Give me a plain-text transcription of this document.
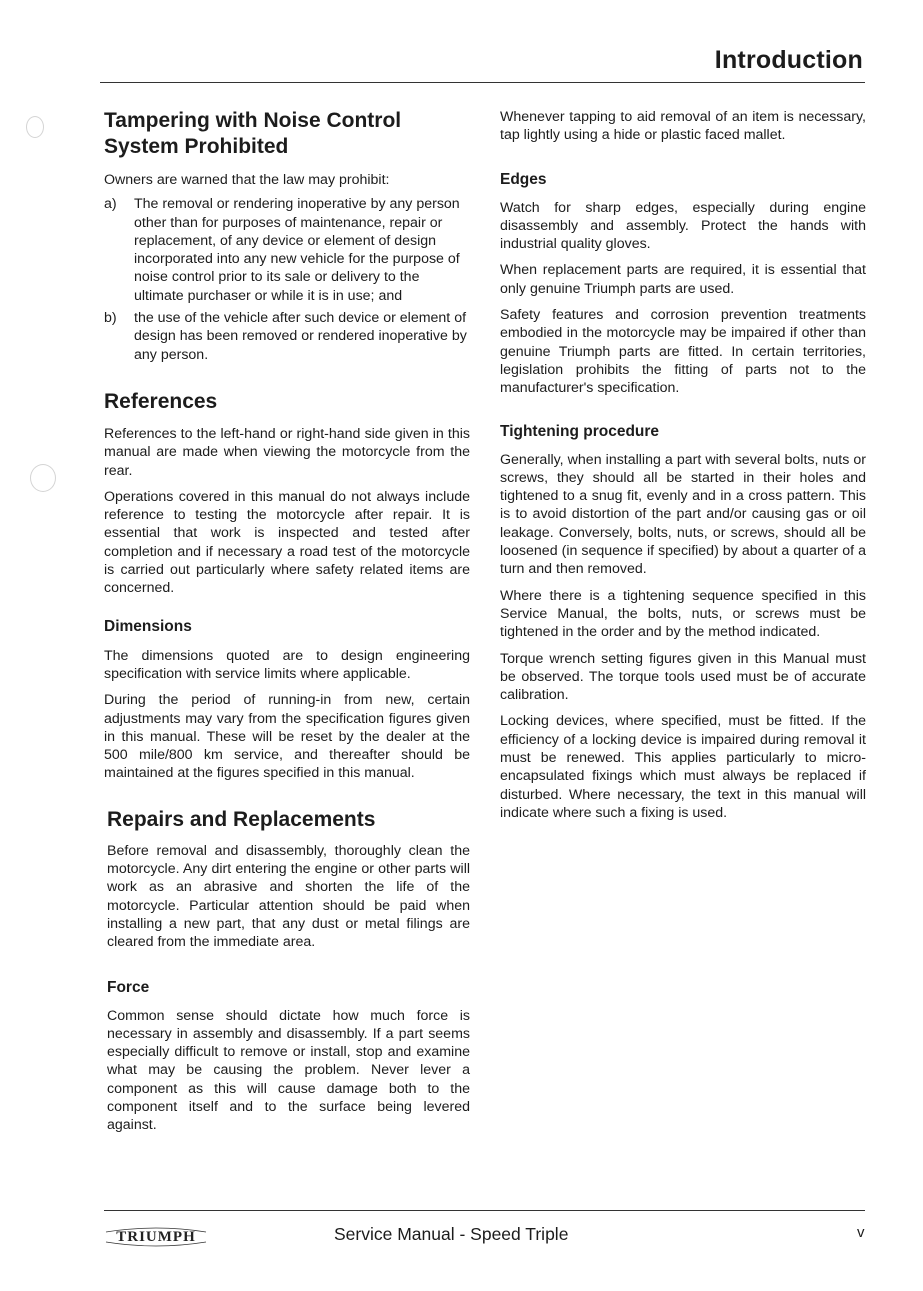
Introduction
Tampering with Noise Control System Prohibited

Owners are warned that the law may prohibit:

a)	The removal or rendering inoperative by any person other than for purposes of maintenance, repair or replacement, of any device or element of design incorporated into any new vehicle for the purpose of noise control prior to its sale or delivery to the ultimate purchaser or while it is in use; and
b)	the use of the vehicle after such device or element of design has been removed or rendered inoperative by any person.
References

References to the left-hand or right-hand side given in this manual are made when viewing the motorcycle from the rear.

Operations covered in this manual do not always include reference to testing the motorcycle after repair. It is essential that work is inspected and tested after completion and if necessary a road test of the motorcycle is carried out particularly where safety related items are concerned.

Dimensions

The dimensions quoted are to design engineering specification with service limits where applicable.

During the period of running-in from new, certain adjustments may vary from the specification figures given in this manual. These will be reset by the dealer at the 500 mile/800 km service, and thereafter should be maintained at the figures specified in this manual.

Repairs and Replacements

Before removal and disassembly, thoroughly clean the motorcycle. Any dirt entering the engine or other parts will work as an abrasive and shorten the life of the motorcycle. Particular attention should be paid when installing a new part, that any dust or metal filings are cleared from the immediate area.

Force

Common sense should dictate how much force is necessary in assembly and disassembly. If a part seems especially difficult to remove or install, stop and examine what may be causing the problem. Never lever a component as this will cause damage both to the component itself and to the surface being levered against.

Whenever tapping to aid removal of an item is necessary, tap lightly using a hide or plastic faced mallet.

Edges

Watch for sharp edges, especially during engine disassembly and assembly. Protect the hands with industrial quality gloves.

When replacement parts are required, it is essential that only genuine Triumph parts are used.

Safety features and corrosion prevention treatments embodied in the motorcycle may be impaired if other than genuine Triumph parts are fitted. In certain territories, legislation prohibits the fitting of parts not to the manufacturer's specification.

Tightening procedure

Generally, when installing a part with several bolts, nuts or screws, they should all be started in their holes and tightened to a snug fit, evenly and in a cross pattern. This is to avoid distortion of the part and/or causing gas or oil leakage. Conversely, bolts, nuts, or screws, should all be loosened (in sequence if specified) by about a quarter of a turn and then removed.

Where there is a tightening sequence specified in this Service Manual, the bolts, nuts, or screws must be tightened in the order and by the method indicated.

Torque wrench setting figures given in this Manual must be observed. The torque tools used must be of accurate calibration.

Locking devices, where specified, must be fitted. If the efficiency of a locking device is impaired during removal it must be renewed. This applies particularly to micro-encapsulated fixings which must always be replaced if disturbed. Where necessary, the text in this manual will indicate where such a fixing is used.

TRIUMPH	Service Manual - Speed Triple	v
